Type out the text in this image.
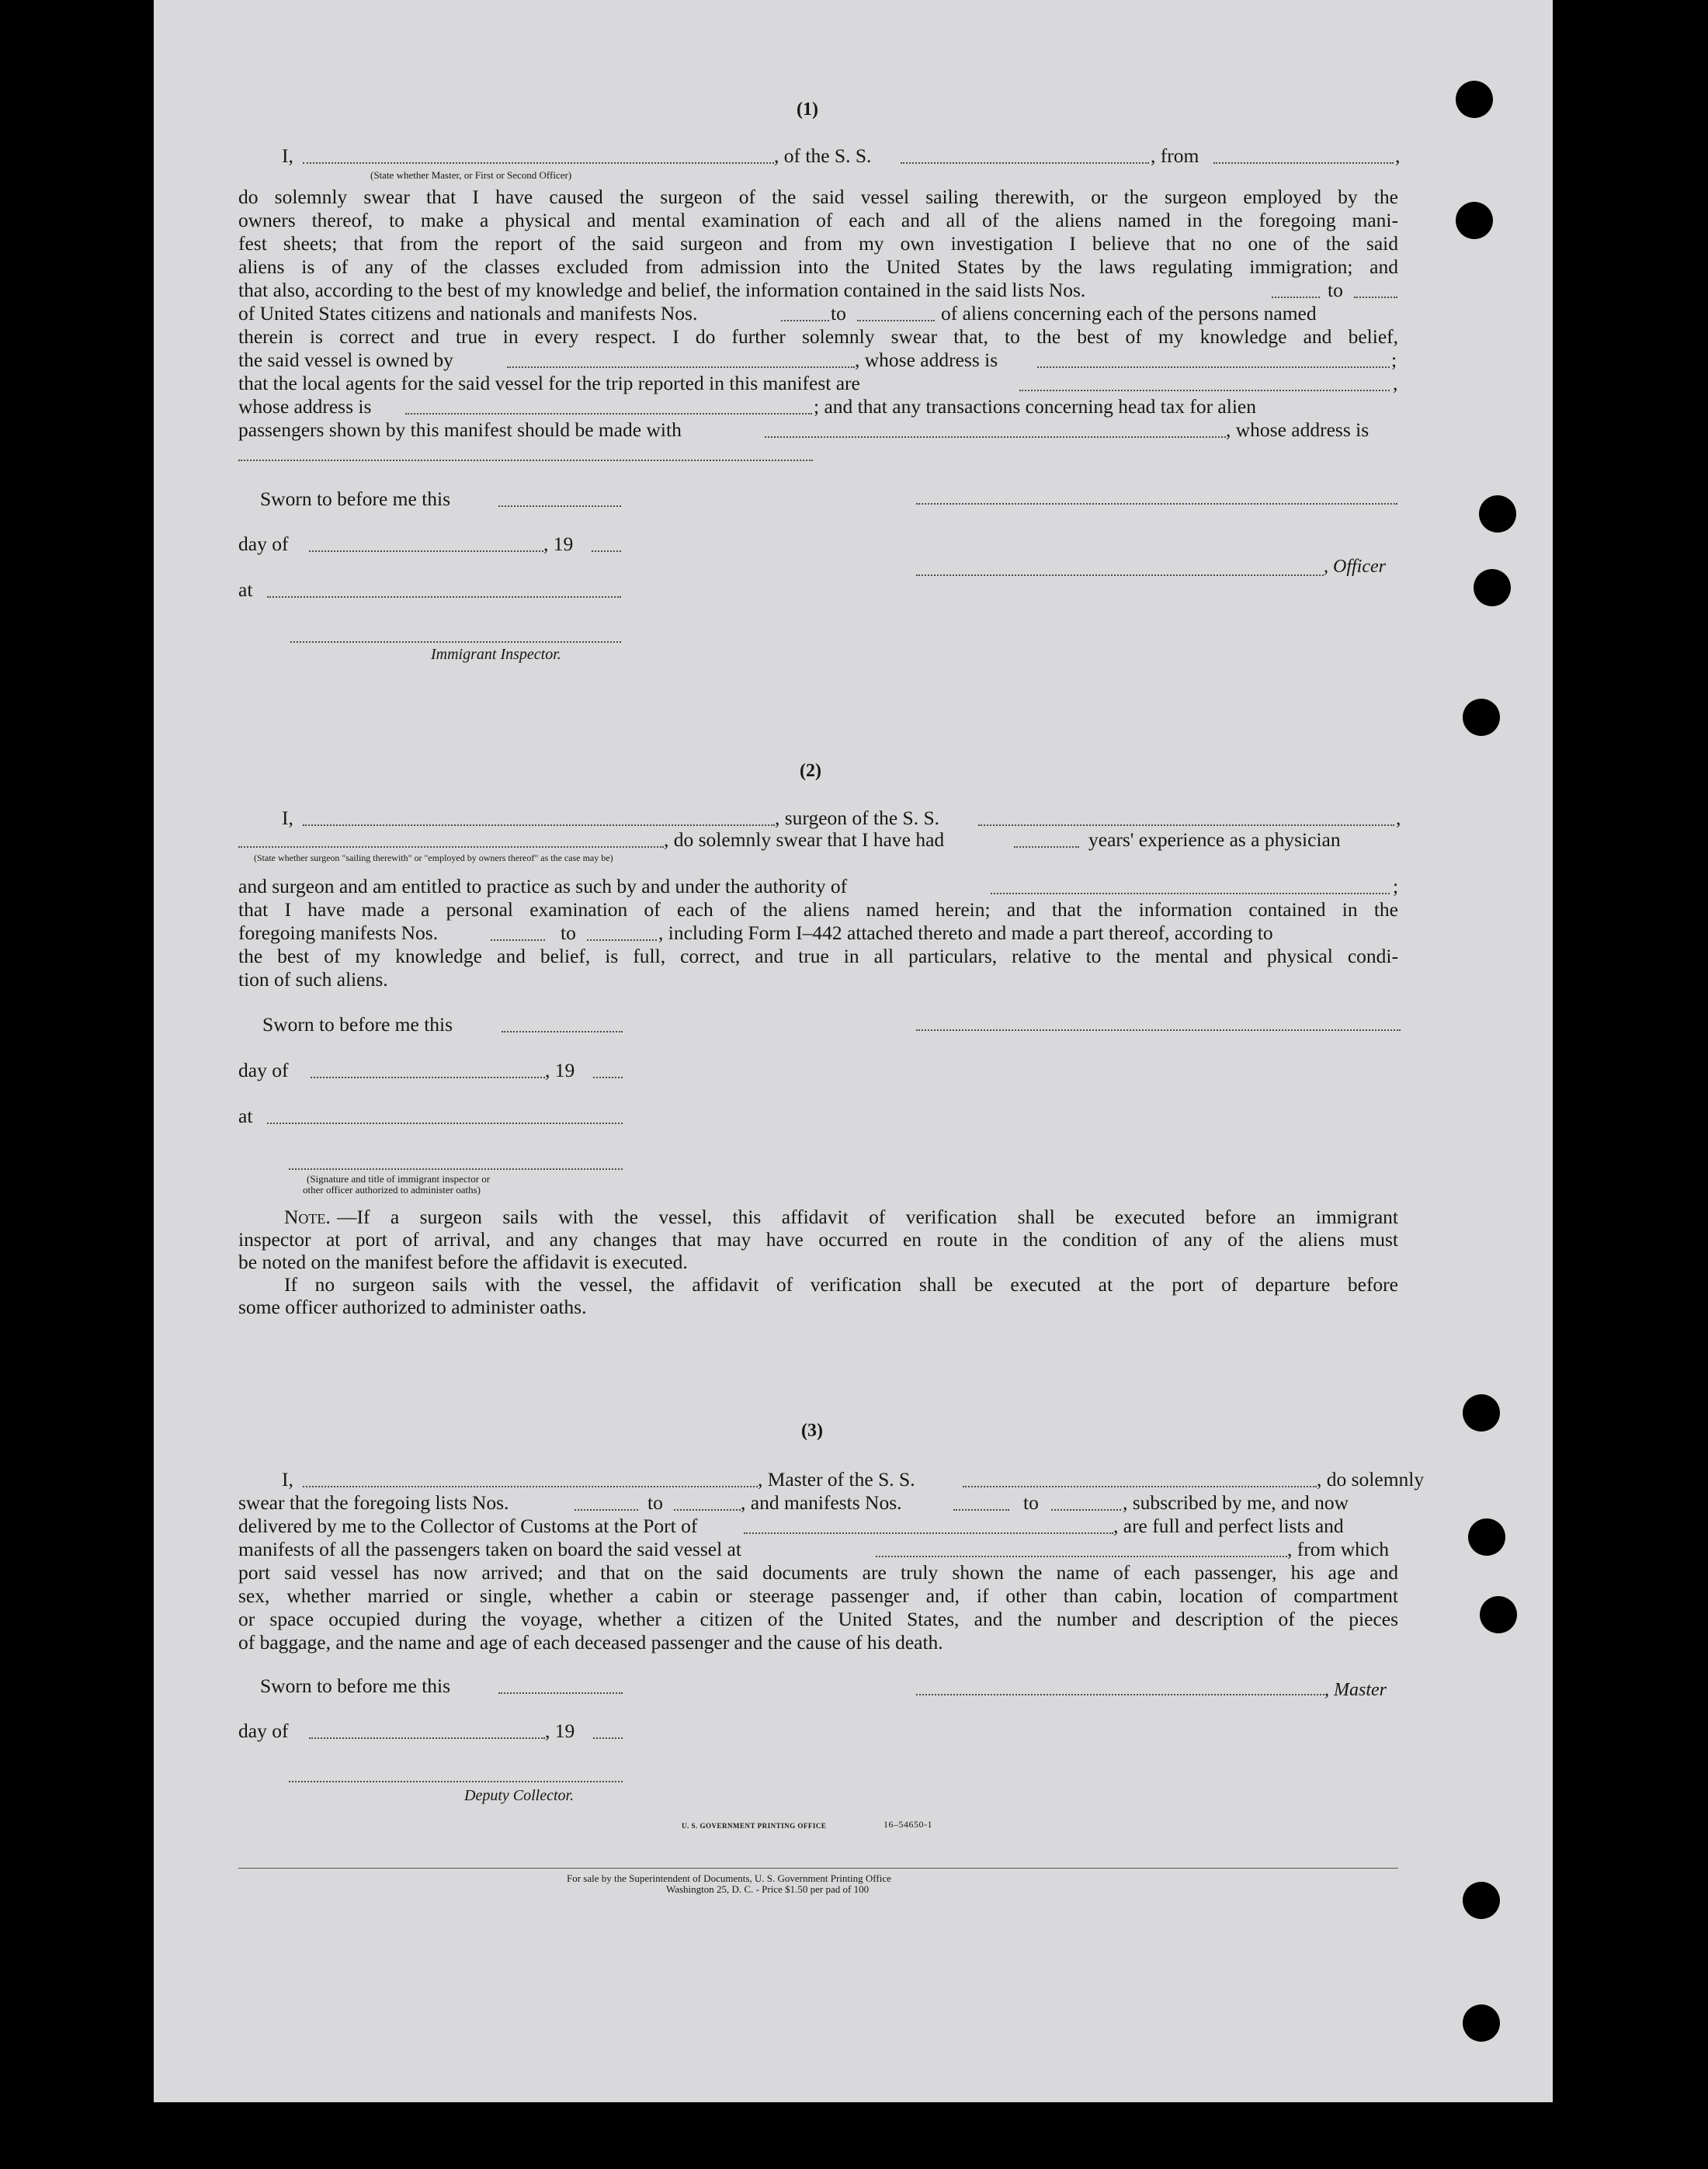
(1)
I,	, of the S. S.	, from	,
(State whether Master, or First or Second Officer)
do solemnly swear that I have caused the surgeon of the said vessel sailing therewith, or the surgeon employed by the
owners thereof, to make a physical and mental examination of each and all of the aliens named in the foregoing mani-
fest sheets; that from the report of the said surgeon and from my own investigation I believe that no one of the said
aliens is of any of the classes excluded from admission into the United States by the laws regulating immigration; and
that also, according to the best of my knowledge and belief, the information contained in the said lists Nos.	to
of United States citizens and nationals and manifests Nos.	to	of aliens concerning each of the persons named
therein is correct and true in every respect. I do further solemnly swear that, to the best of my knowledge and belief,
the said vessel is owned by	, whose address is	;
that the local agents for the said vessel for the trip reported in this manifest are	,
whose address is	; and that any transactions concerning head tax for alien
passengers shown by this manifest should be made with	, whose address is
Sworn to before me this
day of	, 19
at
Immigrant Inspector.
, Officer
(2)
I,	, surgeon of the S. S.	,
, do solemnly swear that I have had	years' experience as a physician
(State whether surgeon "sailing therewith" or "employed by owners thereof" as the case may be)
and surgeon and am entitled to practice as such by and under the authority of	;
that I have made a personal examination of each of the aliens named herein; and that the information contained in the
foregoing manifests Nos.	to	, including Form I–442 attached thereto and made a part thereof, according to
the best of my knowledge and belief, is full, correct, and true in all particulars, relative to the mental and physical condi-
tion of such aliens.
Sworn to before me this
day of	, 19
at
(Signature and title of immigrant inspector or
other officer authorized to administer oaths)
Note. —If a surgeon sails with the vessel, this affidavit of verification shall be executed before an immigrant
inspector at port of arrival, and any changes that may have occurred en route in the condition of any of the aliens must
be noted on the manifest before the affidavit is executed.
If no surgeon sails with the vessel, the affidavit of verification shall be executed at the port of departure before
some officer authorized to administer oaths.
(3)
I,	, Master of the S. S.	, do solemnly
swear that the foregoing lists Nos.	to	, and manifests Nos.	to	, subscribed by me, and now
delivered by me to the Collector of Customs at the Port of	, are full and perfect lists and
manifests of all the passengers taken on board the said vessel at	, from which
port said vessel has now arrived; and that on the said documents are truly shown the name of each passenger, his age and
sex, whether married or single, whether a cabin or steerage passenger and, if other than cabin, location of compartment
or space occupied during the voyage, whether a citizen of the United States, and the number and description of the pieces
of baggage, and the name and age of each deceased passenger and the cause of his death.
Sworn to before me this
day of	, 19
Deputy Collector.
, Master
U. S. GOVERNMENT PRINTING OFFICE	16–54650-1
For sale by the Superintendent of Documents, U. S. Government Printing Office
Washington 25, D. C. - Price $1.50 per pad of 100
